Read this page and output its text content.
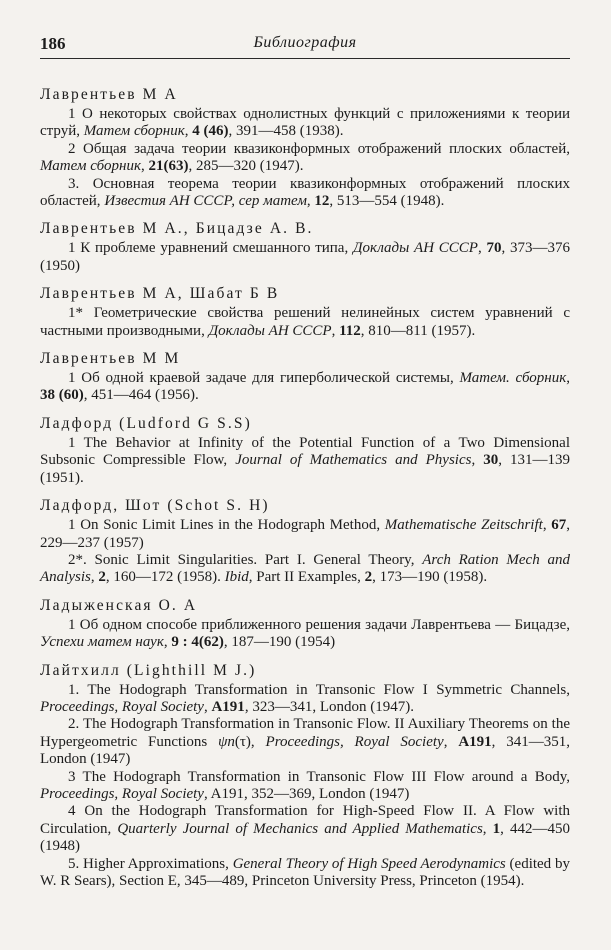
186	Библиография
Лаврентьев М А

1 О некоторых свойствах однолистных функций с приложениями к теории струй, Матем сборник, 4 (46), 391—458 (1938).

2 Общая задача теории квазиконформных отображений плоских областей, Матем сборник, 21(63), 285—320 (1947).

3. Основная теорема теории квазиконформных отображений плоских областей, Известия АН СССР, сер матем, 12, 513—554 (1948).

Лаврентьев М А., Бицадзе А. В.

1 К проблеме уравнений смешанного типа, Доклады АН СССР, 70, 373—376 (1950)

Лаврентьев М А, Шабат Б В

1* Геометрические свойства решений нелинейных систем уравнений с частными производными, Доклады АН СССР, 112, 810—811 (1957).

Лаврентьев М М

1 Об одной краевой задаче для гиперболической системы, Матем. сборник, 38 (60), 451—464 (1956).

Ладфорд (Ludford G S.S)

1 The Behavior at Infinity of the Potential Function of a Two Dimensional Subsonic Compressible Flow, Journal of Mathematics and Physics, 30, 131—139 (1951).

Ладфорд, Шот (Schot S. H)

1 On Sonic Limit Lines in the Hodograph Method, Mathematische Zeitschrift, 67, 229—237 (1957)

2*. Sonic Limit Singularities. Part I. General Theory, Arch Ration Mech and Analysis, 2, 160—172 (1958). Ibid, Part II Examples, 2, 173—190 (1958).

Ладыженская О. А

1 Об одном способе приближенного решения задачи Лаврентьева — Бицадзе, Успехи матем наук, 9 : 4(62), 187—190 (1954)

Лайтхилл (Lighthill M J.)

1. The Hodograph Transformation in Transonic Flow I Symmetric Channels, Proceedings, Royal Society, A191, 323—341, London (1947).

2. The Hodograph Transformation in Transonic Flow. II Auxiliary Theorems on the Hypergeometric Functions ψn(τ), Proceedings, Royal Society, A191, 341—351, London (1947)

3 The Hodograph Transformation in Transonic Flow III Flow around a Body, Proceedings, Royal Society, A191, 352—369, London (1947)

4 On the Hodograph Transformation for High-Speed Flow II. A Flow with Circulation, Quarterly Journal of Mechanics and Applied Mathematics, 1, 442—450 (1948)

5. Higher Approximations, General Theory of High Speed Aerodynamics (edited by W. R Sears), Section E, 345—489, Princeton University Press, Princeton (1954).
